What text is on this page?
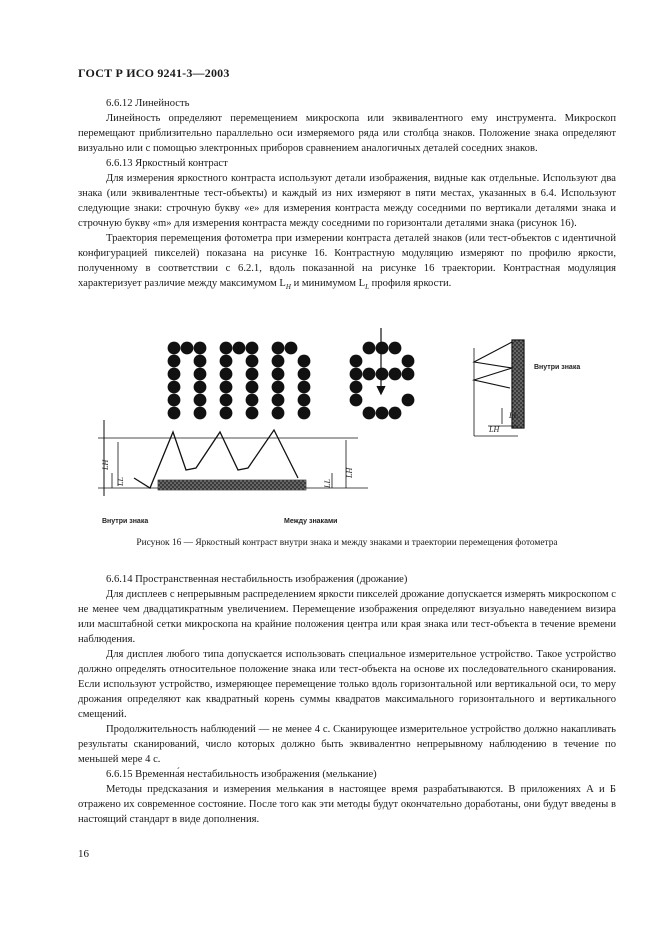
ГОСТ Р ИСО 9241-3—2003

6.6.12 Линейность

Линейность определяют перемещением микроскопа или эквивалентного ему инструмента. Микроскоп перемещают приблизительно параллельно оси измеряемого ряда или столбца знаков. Положение знака определяют визуально или с помощью электронных приборов сравнением аналогичных деталей соседних знаков.

6.6.13 Яркостный контраст

Для измерения яркостного контраста используют детали изображения, видные как отдельные. Используют два знака (или эквивалентные тест-объекты) и каждый из них измеряют в пяти местах, указанных в 6.4. Используют следующие знаки: строчную букву «е» для измерения контраста между соседними по вертикали деталями знака и строчную букву «m» для измерения контраста между соседними по горизонтали деталями знака (рисунок 16).

Траектория перемещения фотометра при измерении контраста деталей знаков (или тест-объектов с идентичной конфигурацией пикселей) показана на рисунке 16. Контрастную модуляцию измеряют по профилю яркости, полученному в соответствии с 6.2.1, вдоль показанной на рисунке 16 траектории. Контрастная модуляция характеризует различие между максимумом $L_H$ и минимумом $L_L$ профиля яркости.

LH
LL	LL
LH
Внутри знака	Между знаками
Внутри знака
LL
LH
Рисунок 16 — Яркостный контраст внутри знака и между знаками и траектории перемещения фотометра

6.6.14 Пространственная нестабильность изображения (дрожание)

Для дисплеев с непрерывным распределением яркости пикселей дрожание допускается измерять микроскопом с не менее чем двадцатикратным увеличением. Перемещение изображения определяют визуально наведением визира или масштабной сетки микроскопа на крайние положения центра или края знака или тест-объекта в течение времени наблюдения.

Для дисплея любого типа допускается использовать специальное измерительное устройство. Такое устройство должно определять относительное положение знака или тест-объекта на основе их последовательного сканирования. Если используют устройство, измеряющее перемещение только вдоль горизонтальной или вертикальной оси, то меру дрожания определяют как квадратный корень суммы квадратов максимального горизонтального и вертикального смещений.

Продолжительность наблюдений — не менее 4 с. Сканирующее измерительное устройство должно накапливать результаты сканирований, число которых должно быть эквивалентно непрерывному наблюдению в течение по меньшей мере 4 с.

6.6.15 Временна́я нестабильность изображения (мелькание)

Методы предсказания и измерения мелькания в настоящее время разрабатываются. В приложениях А и Б отражено их современное состояние. После того как эти методы будут окончательно доработаны, они будут введены в настоящий стандарт в виде дополнения.

16
